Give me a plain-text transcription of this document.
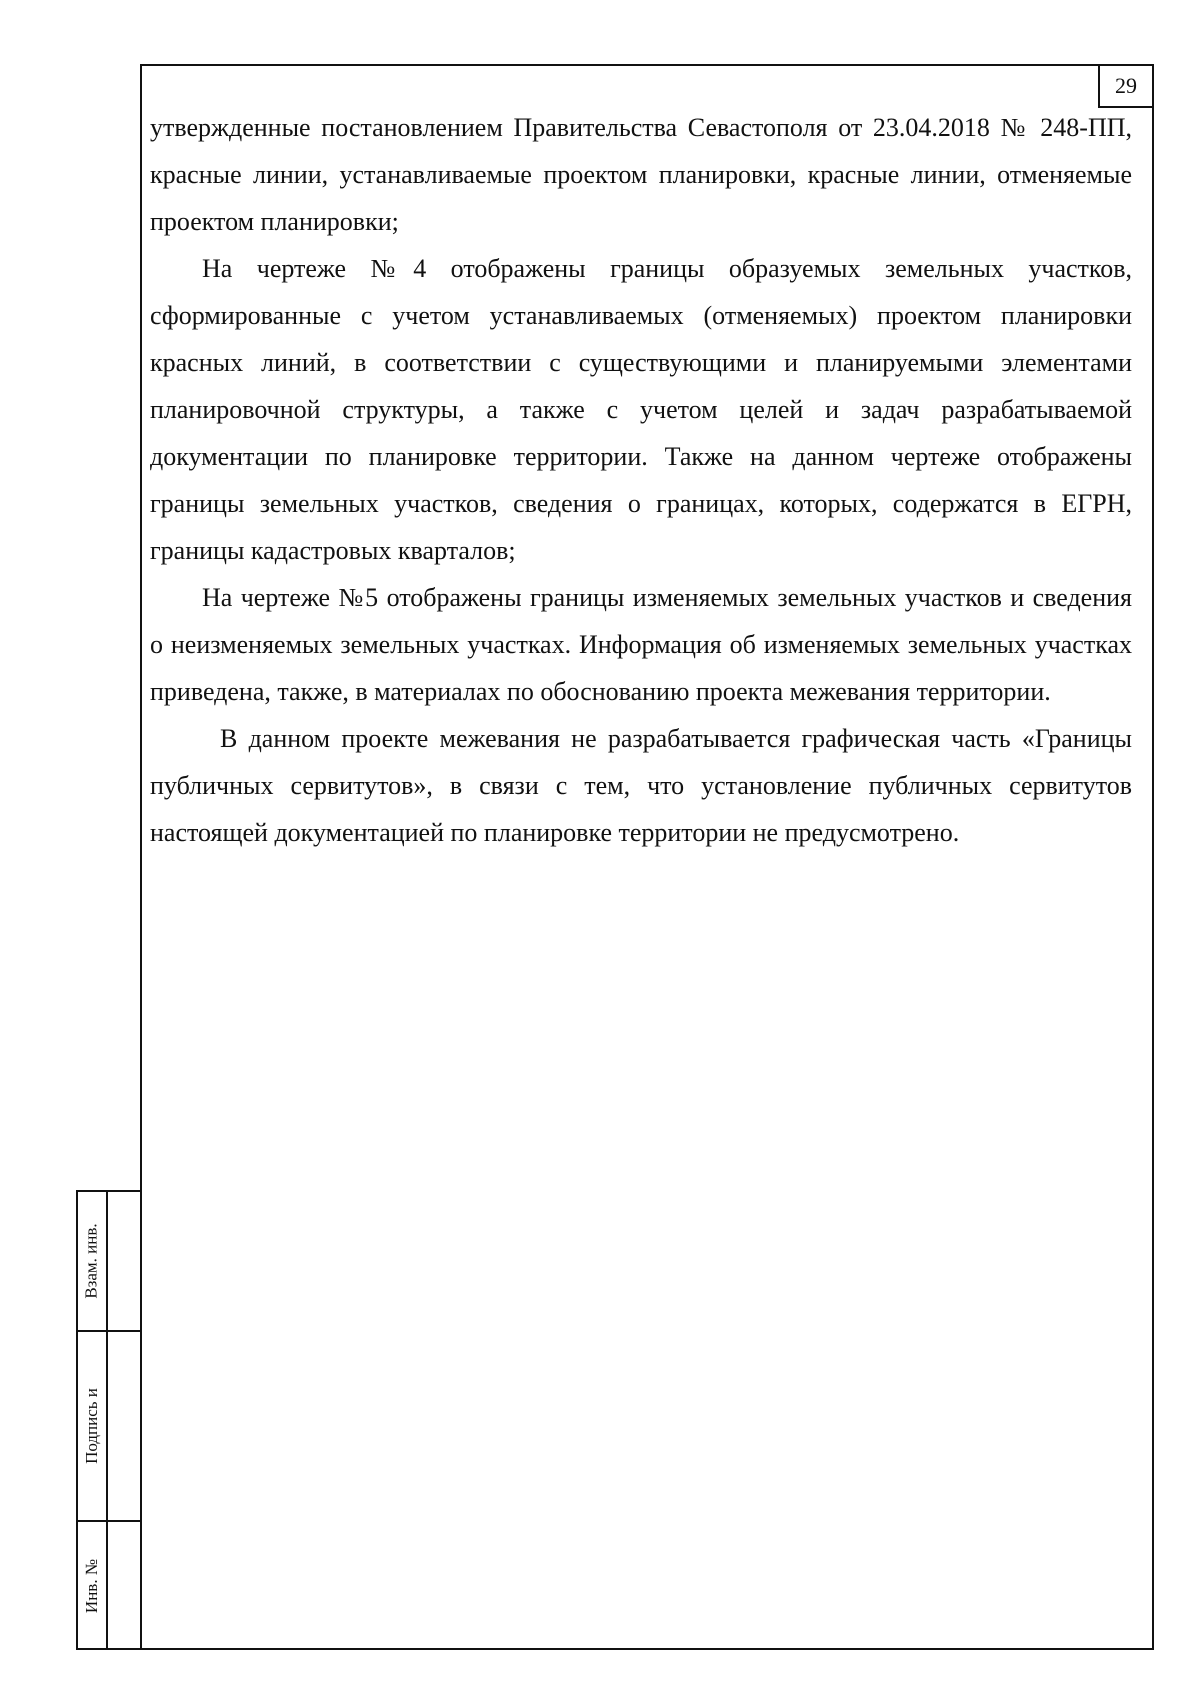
29

утвержденные постановлением Правительства Севастополя от 23.04.2018 № 248-ПП, красные линии, устанавливаемые проектом планировки, красные линии, отменяемые проектом планировки;

На чертеже №4 отображены границы образуемых земельных участков, сформированные с учетом устанавливаемых (отменяемых) проектом планировки красных линий, в соответствии с существующими и планируемыми элементами планировочной структуры, а также с учетом целей и задач разрабатываемой документации по планировке территории. Также на данном чертеже отображены границы земельных участков, сведения о границах, которых, содержатся в ЕГРН, границы кадастровых кварталов;

На чертеже №5 отображены границы изменяемых земельных участков и сведения о неизменяемых земельных участках. Информация об изменяемых земельных участках приведена, также, в материалах по обоснованию проекта межевания территории.

В данном проекте межевания не разрабатывается графическая часть «Границы публичных сервитутов», в связи с тем, что установление публичных сервитутов настоящей документацией по планировке территории не предусмотрено.

Взам. инв.
Подпись и
Инв. №
